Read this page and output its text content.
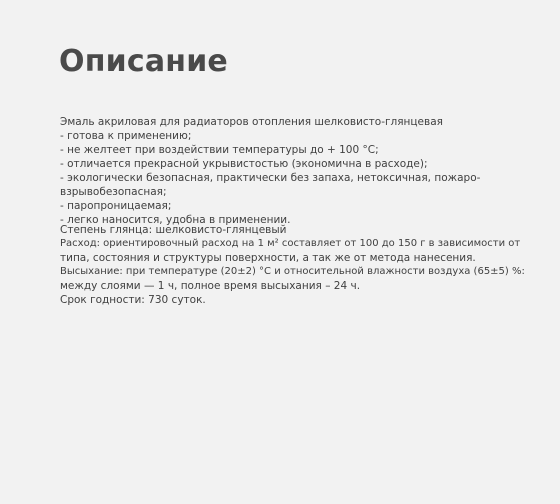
Описание
Эмаль акриловая для радиаторов отопления шелковисто-глянцевая
- готова к применению;
- не желтеет при воздействии температуры до + 100 °С;
- отличается прекрасной укрывистостью (экономична в расходе);
- экологически безопасная, практически без запаха, нетоксичная, пожаро-
взрывобезопасная;
- паропроницаемая;
- легко наносится, удобна в применении.
Степень глянца: шелковисто-глянцевый
Расход: ориентировочный расход на 1 м² составляет от 100 до 150 г в зависимости от
типа, состояния и структуры поверхности, а так же от метода нанесения.
Высыхание: при температуре (20±2) °С и относительной влажности воздуха (65±5) %:
между слоями — 1 ч, полное время высыхания – 24 ч.
Срок годности: 730 суток.
